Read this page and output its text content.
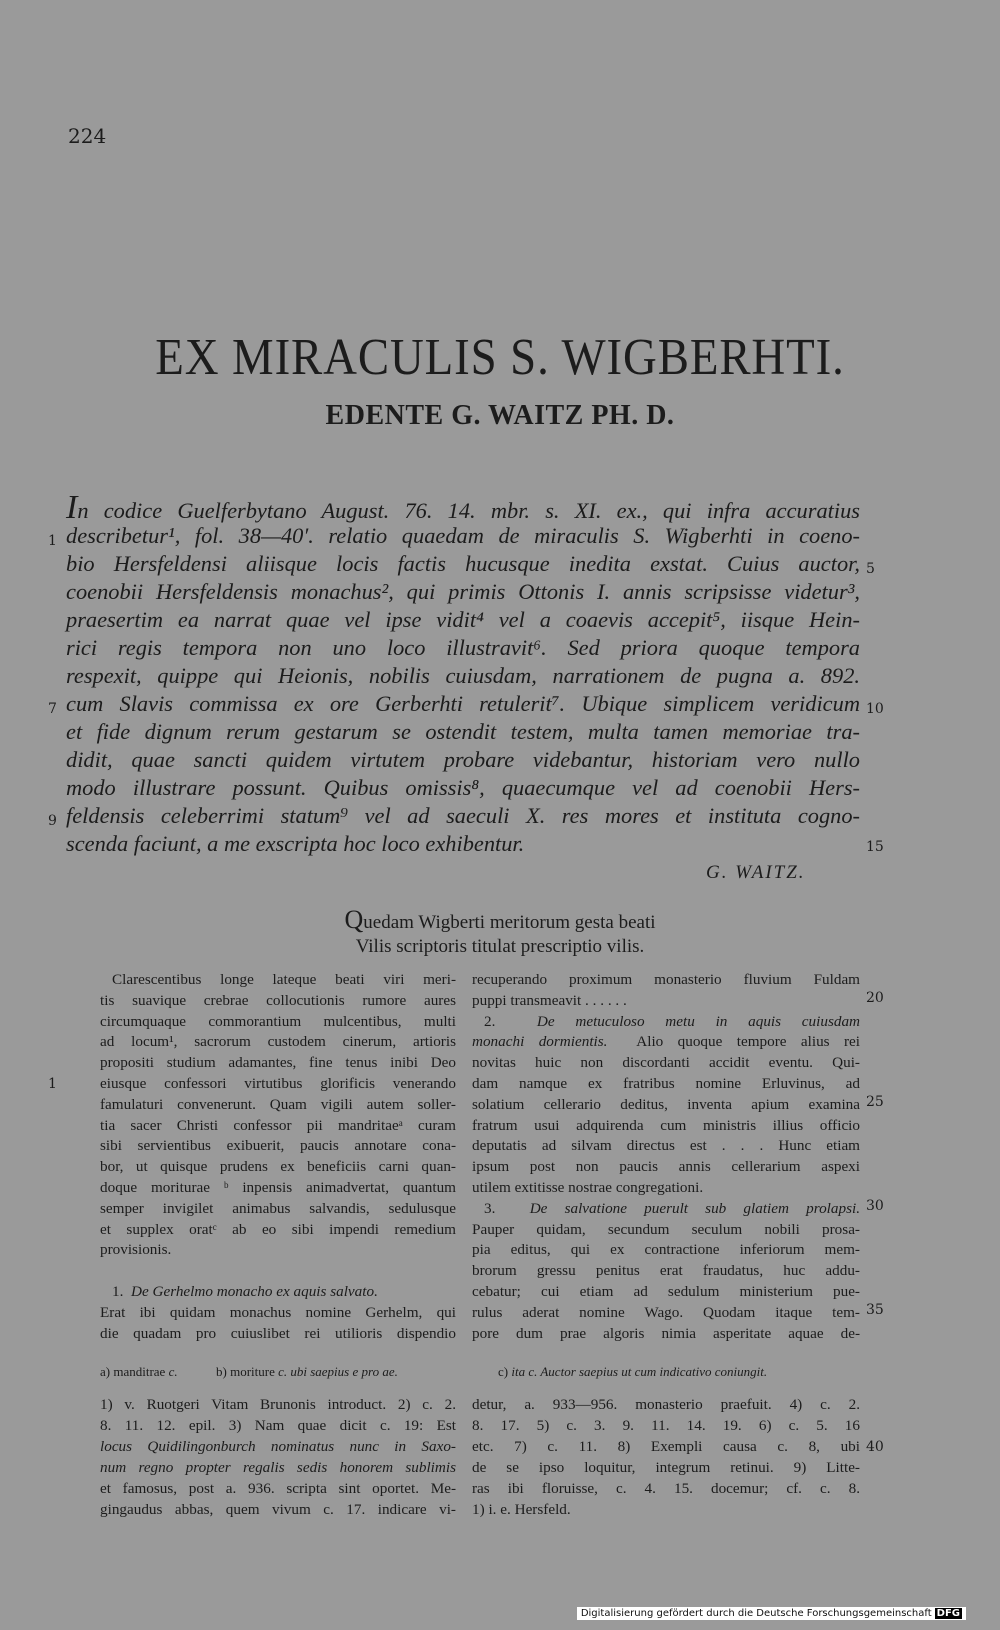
224
EX MIRACULIS S. WIGBERHTI.
EDENTE G. WAITZ PH. D.
In codice Guelferbytano August. 76. 14. mbr. s. XI. ex., qui infra accuratius
describetur¹, fol. 38—40′. relatio quaedam de miraculis S. Wigberhti in coeno-
bio Hersfeldensi aliisque locis factis hucusque inedita exstat. Cuius auctor,
coenobii Hersfeldensis monachus², qui primis Ottonis I. annis scripsisse videtur³,
praesertim ea narrat quae vel ipse vidit⁴ vel a coaevis accepit⁵, iisque Hein-
rici regis tempora non uno loco illustravit⁶. Sed priora quoque tempora
respexit, quippe qui Heionis, nobilis cuiusdam, narrationem de pugna a. 892.
cum Slavis commissa ex ore Gerberhti retulerit⁷. Ubique simplicem veridicum
et fide dignum rerum gestarum se ostendit testem, multa tamen memoriae tra-
didit, quae sancti quidem virtutem probare videbantur, historiam vero nullo
modo illustrare possunt. Quibus omissis⁸, quaecumque vel ad coenobii Hers-
feldensis celeberrimi statum⁹ vel ad saeculi X. res mores et instituta cogno-
scenda faciunt, a me exscripta hoc loco exhibentur.
1
7
9
5
10
15
G. WAITZ.
Quedam Wigberti meritorum gesta beati
Vilis scriptoris titulat prescriptio vilis.
Clarescentibus longe lateque beati viri meri-
tis suavique crebrae collocutionis rumore aures
circumquaque commorantium mulcentibus, multi
ad locum¹, sacrorum custodem cinerum, artioris
propositi studium adamantes, fine tenus inibi Deo
eiusque confessori virtutibus glorificis venerando
famulaturi convenerunt. Quam vigili autem soller-
tia sacer Christi confessor pii mandritaeᵃ curam
sibi servientibus exibuerit, paucis annotare cona-
bor, ut quisque prudens ex beneficiis carni quan-
doque moriturae ᵇ inpensis animadvertat, quantum
semper invigilet animabus salvandis, sedulusque
et supplex oratᶜ ab eo sibi impendi remedium
provisionis.
1. De Gerhelmo monacho ex aquis salvato.
Erat ibi quidam monachus nomine Gerhelm, qui
die quadam pro cuiuslibet rei utilioris dispendio
recuperando proximum monasterio fluvium Fuldam
puppi transmeavit . . . . . .
2.	De metuculoso metu in aquis cuiusdam
monachi dormientis. Alio quoque tempore alius rei
novitas huic non discordanti accidit eventu. Qui-
dam namque ex fratribus nomine Erluvinus, ad
solatium cellerario deditus, inventa apium examina
fratrum usui adquirenda cum ministris illius officio
deputatis ad silvam directus est . . . Hunc etiam
ipsum post non paucis annis cellerarium aspexi
utilem extitisse nostrae congregationi.
3. De salvatione puerult sub glatiem prolapsi.
Pauper quidam, secundum seculum nobili prosa-
pia editus, qui ex contractione inferiorum mem-
brorum gressu penitus erat fraudatus, huc addu-
cebatur; cui etiam ad sedulum ministerium pue-
rulus aderat nomine Wago. Quodam itaque tem-
pore dum prae algoris nimia asperitate aquae de-
1
20
25
30
35
a) manditrae c.	b) moriture c. ubi saepius e pro ae.	c) ita c. Auctor saepius ut cum indicativo coniungit.
1) v. Ruotgeri Vitam Brunonis introduct. 2) c. 2.
8. 11. 12. epil. 3) Nam quae dicit c. 19: Est
locus Quidilingonburch nominatus nunc in Saxo-
num regno propter regalis sedis honorem sublimis
et famosus, post a. 936. scripta sint oportet. Me-
gingaudus abbas, quem vivum c. 17. indicare vi-
detur, a. 933—956. monasterio praefuit. 4) c. 2.
8. 17. 5) c. 3. 9. 11. 14. 19. 6) c. 5. 16
etc. 7) c. 11. 8) Exempli causa c. 8, ubi
de se ipso loquitur, integrum retinui. 9) Litte-
ras ibi floruisse, c. 4. 15. docemur; cf. c. 8.
1) i. e. Hersfeld.
40
Digitalisierung gefördert durch die Deutsche Forschungsgemeinschaft DFG
